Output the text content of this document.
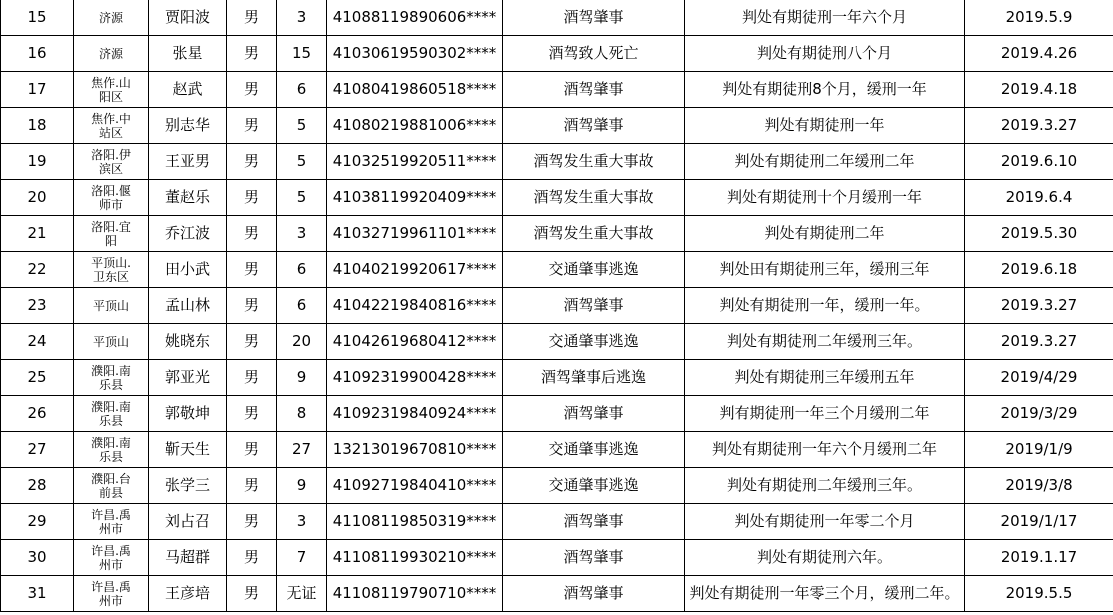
15	济源	贾阳波	男	3	41088119890606****	酒驾肇事	判处有期徒刑一年六个月	2019.5.9
16	济源	张星	男	15	41030619590302****	酒驾致人死亡	判处有期徒刑八个月	2019.4.26
17	焦作.山阳区	赵武	男	6	41080419860518****	酒驾肇事	判处有期徒刑8个月，缓刑一年	2019.4.18
18	焦作.中站区	别志华	男	5	41080219881006****	酒驾肇事	判处有期徒刑一年	2019.3.27
19	洛阳.伊滨区	王亚男	男	5	41032519920511****	酒驾发生重大事故	判处有期徒刑二年缓刑二年	2019.6.10
20	洛阳.偃师市	董赵乐	男	5	41038119920409****	酒驾发生重大事故	判处有期徒刑十个月缓刑一年	2019.6.4
21	洛阳.宜阳	乔江波	男	3	41032719961101****	酒驾发生重大事故	判处有期徒刑二年	2019.5.30
22	平顶山.卫东区	田小武	男	6	41040219920617****	交通肇事逃逸	判处田有期徒刑三年，缓刑三年	2019.6.18
23	平顶山	孟山林	男	6	41042219840816****	酒驾肇事	判处有期徒刑一年，缓刑一年。	2019.3.27
24	平顶山	姚晓东	男	20	41042619680412****	交通肇事逃逸	判处有期徒刑二年缓刑三年。	2019.3.27
25	濮阳.南乐县	郭亚光	男	9	41092319900428****	酒驾肇事后逃逸	判处有期徒刑三年缓刑五年	2019/4/29
26	濮阳.南乐县	郭敬坤	男	8	41092319840924****	酒驾肇事	判有期徒刑一年三个月缓刑二年	2019/3/29
27	濮阳.南乐县	靳天生	男	27	13213019670810****	交通肇事逃逸	判处有期徒刑一年六个月缓刑二年	2019/1/9
28	濮阳.台前县	张学三	男	9	41092719840410****	交通肇事逃逸	判处有期徒刑二年缓刑三年。	2019/3/8
29	许昌.禹州市	刘占召	男	3	41108119850319****	酒驾肇事	判处有期徒刑一年零二个月	2019/1/17
30	许昌.禹州市	马超群	男	7	41108119930210****	酒驾肇事	判处有期徒刑六年。	2019.1.17
31	许昌.禹州市	王彦培	男	无证	41108119790710****	酒驾肇事	判处有期徒刑一年零三个月，缓刑二年。	2019.5.5
